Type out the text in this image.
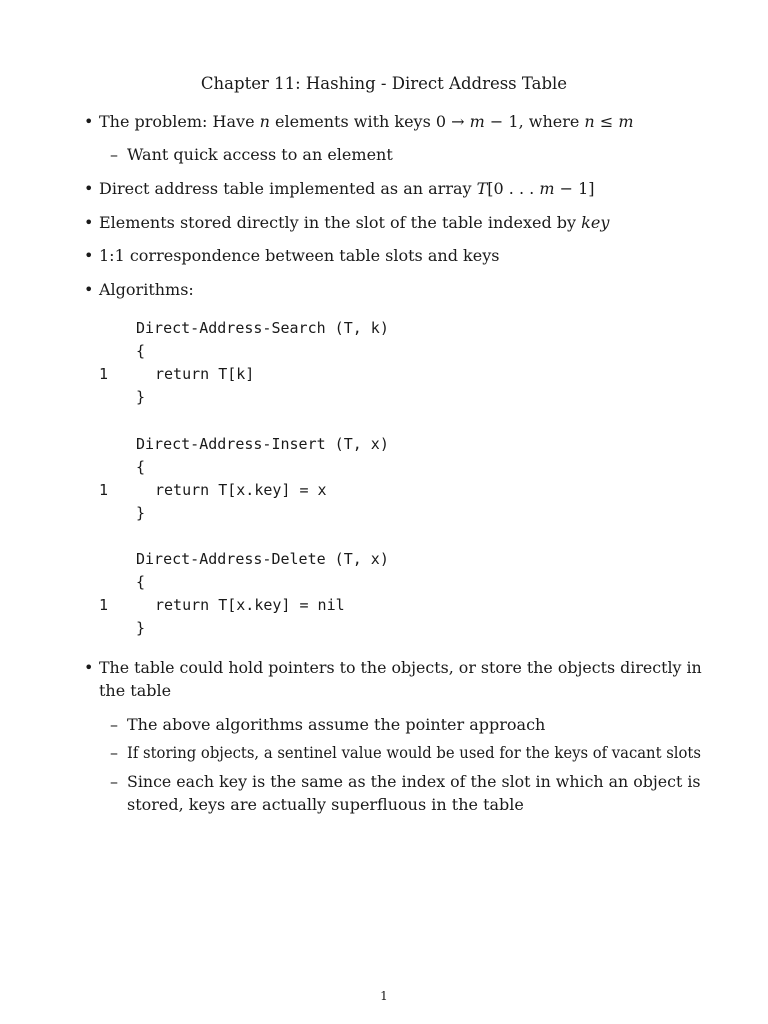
Chapter 11: Hashing - Direct Address Table
• The problem: Have n elements with keys 0 → m − 1, where n ≤ m
– Want quick access to an element
• Direct address table implemented as an array T[0 . . . m − 1]
• Elements stored directly in the slot of the table indexed by key
• 1:1 correspondence between table slots and keys
• Algorithms:
Direct-Address-Search (T, k)
{
1	return T[k]
}
Direct-Address-Insert (T, x)
{
1	return T[x.key] = x
}
Direct-Address-Delete (T, x)
{
1	return T[x.key] = nil
}
• The table could hold pointers to the objects, or store the objects directly in
the table
– The above algorithms assume the pointer approach
– If storing objects, a sentinel value would be used for the keys of vacant slots
– Since each key is the same as the index of the slot in which an object is
stored, keys are actually superfluous in the table
1
